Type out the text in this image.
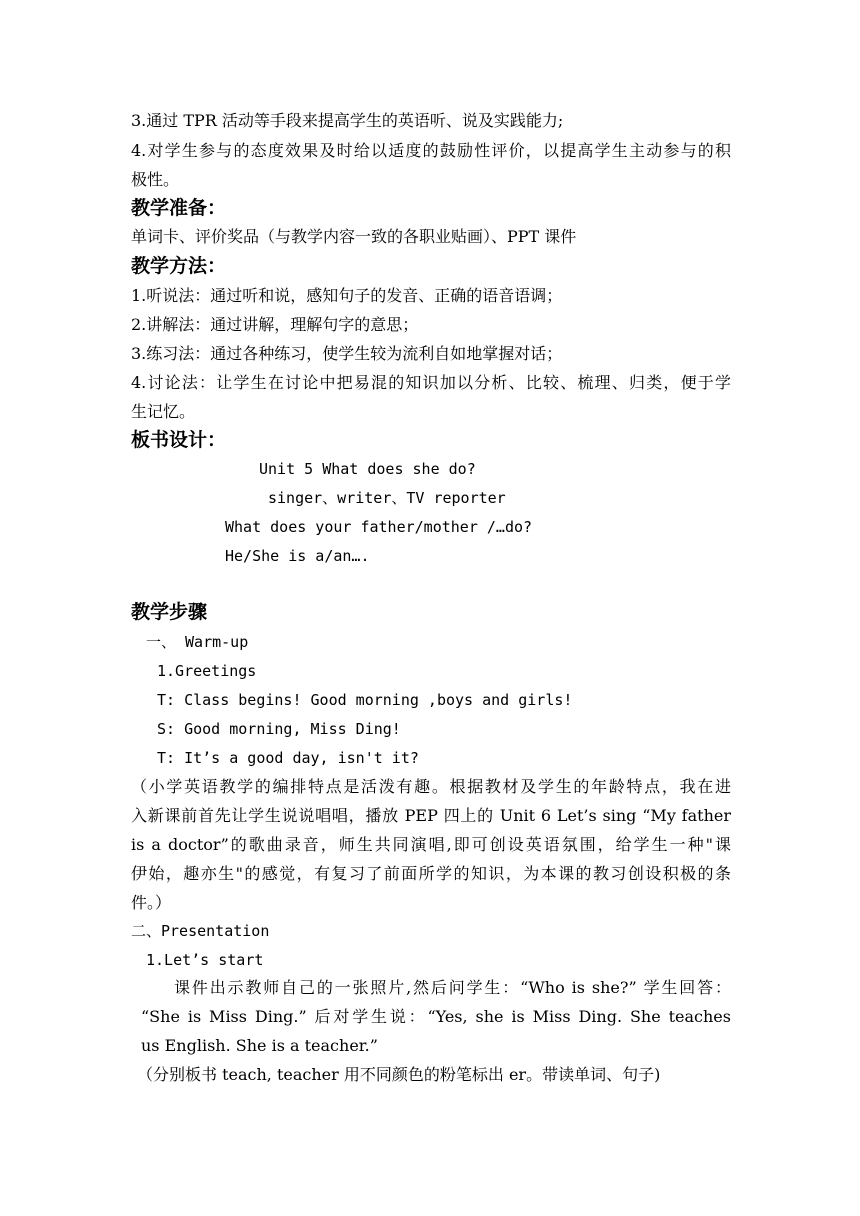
3.通过 TPR 活动等手段来提高学生的英语听、说及实践能力;
4.对学生参与的态度效果及时给以适度的鼓励性评价，以提高学生主动参与的积
极性。
教学准备：
单词卡、评价奖品（与教学内容一致的各职业贴画）、PPT 课件
教学方法：
1.听说法：通过听和说，感知句子的发音、正确的语音语调；
2.讲解法：通过讲解，理解句字的意思；
3.练习法：通过各种练习，使学生较为流利自如地掌握对话；
4.讨论法：让学生在讨论中把易混的知识加以分析、比较、梳理、归类，便于学
生记忆。
板书设计：
Unit 5 What does she do?
singer、writer、TV reporter
What does your father/mother /…do?
He/She is a/an….
教学步骤
一、 Warm-up
1.Greetings
T: Class begins! Good morning ,boys and girls!
S: Good morning, Miss Ding!
T: It’s a good day, isn't it?
（小学英语教学的编排特点是活泼有趣。根据教材及学生的年龄特点，我在进
入新课前首先让学生说说唱唱，播放 PEP 四上的 Unit 6 Let’s sing “My father
is a doctor”的歌曲录音，师生共同演唱,即可创设英语氛围，给学生一种"课
伊始，趣亦生"的感觉，有复习了前面所学的知识，为本课的教习创设积极的条
件。）
二、Presentation
1.Let’s start
课件出示教师自己的一张照片,然后问学生：“Who is she?” 学生回答：
“She is Miss Ding.” 后对学生说：“Yes, she is Miss Ding. She teaches
us English. She is a teacher.”
（分别板书 teach, teacher 用不同颜色的粉笔标出 er。带读单词、句子)
